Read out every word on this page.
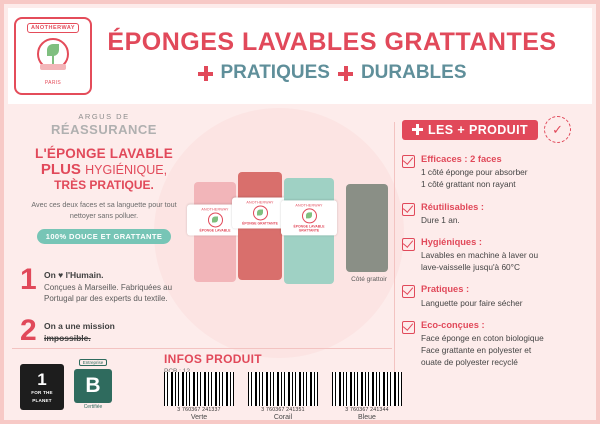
ANOTHERWAY
PARIS
ÉPONGES LAVABLES GRATTANTES
PRATIQUES DURABLES
ARGUS DE
RÉASSURANCE
L'ÉPONGE LAVABLE
PLUS HYGIÉNIQUE,
TRÈS PRATIQUE.
Avec ces deux faces et sa languette pour tout nettoyer sans polluer.
100% DOUCE ET GRATTANTE
1 On ♥ l'Humain.
Conçues à Marseille. Fabriquées au Portugal par des experts du textile.
2 On a une mission
impossible.
1
FOR THE
PLANET
Entreprise
B
Certifiée
ANOTHERWAY
ÉPONGE LAVABLE
ANOTHERWAY
ÉPONGE GRATTANTE
ANOTHERWAY
ÉPONGE LAVABLE GRATTANTE
Côté grattoir
INFOS PRODUIT
3 760367 241337
Verte
3 760367 241351
Corail
3 760367 241344
Bleue
LES + PRODUIT	✓
Efficaces : 2 faces
1 côté éponge pour absorber
1 côté grattant non rayant
Réutilisables :
Dure 1 an.
Hygiéniques :
Lavables en machine à laver ou
lave-vaisselle jusqu'à 60°C
Pratiques :
Languette pour faire sécher
Eco-conçues :
Face éponge en coton biologique
Face grattante en polyester et
ouate de polyester recyclé
